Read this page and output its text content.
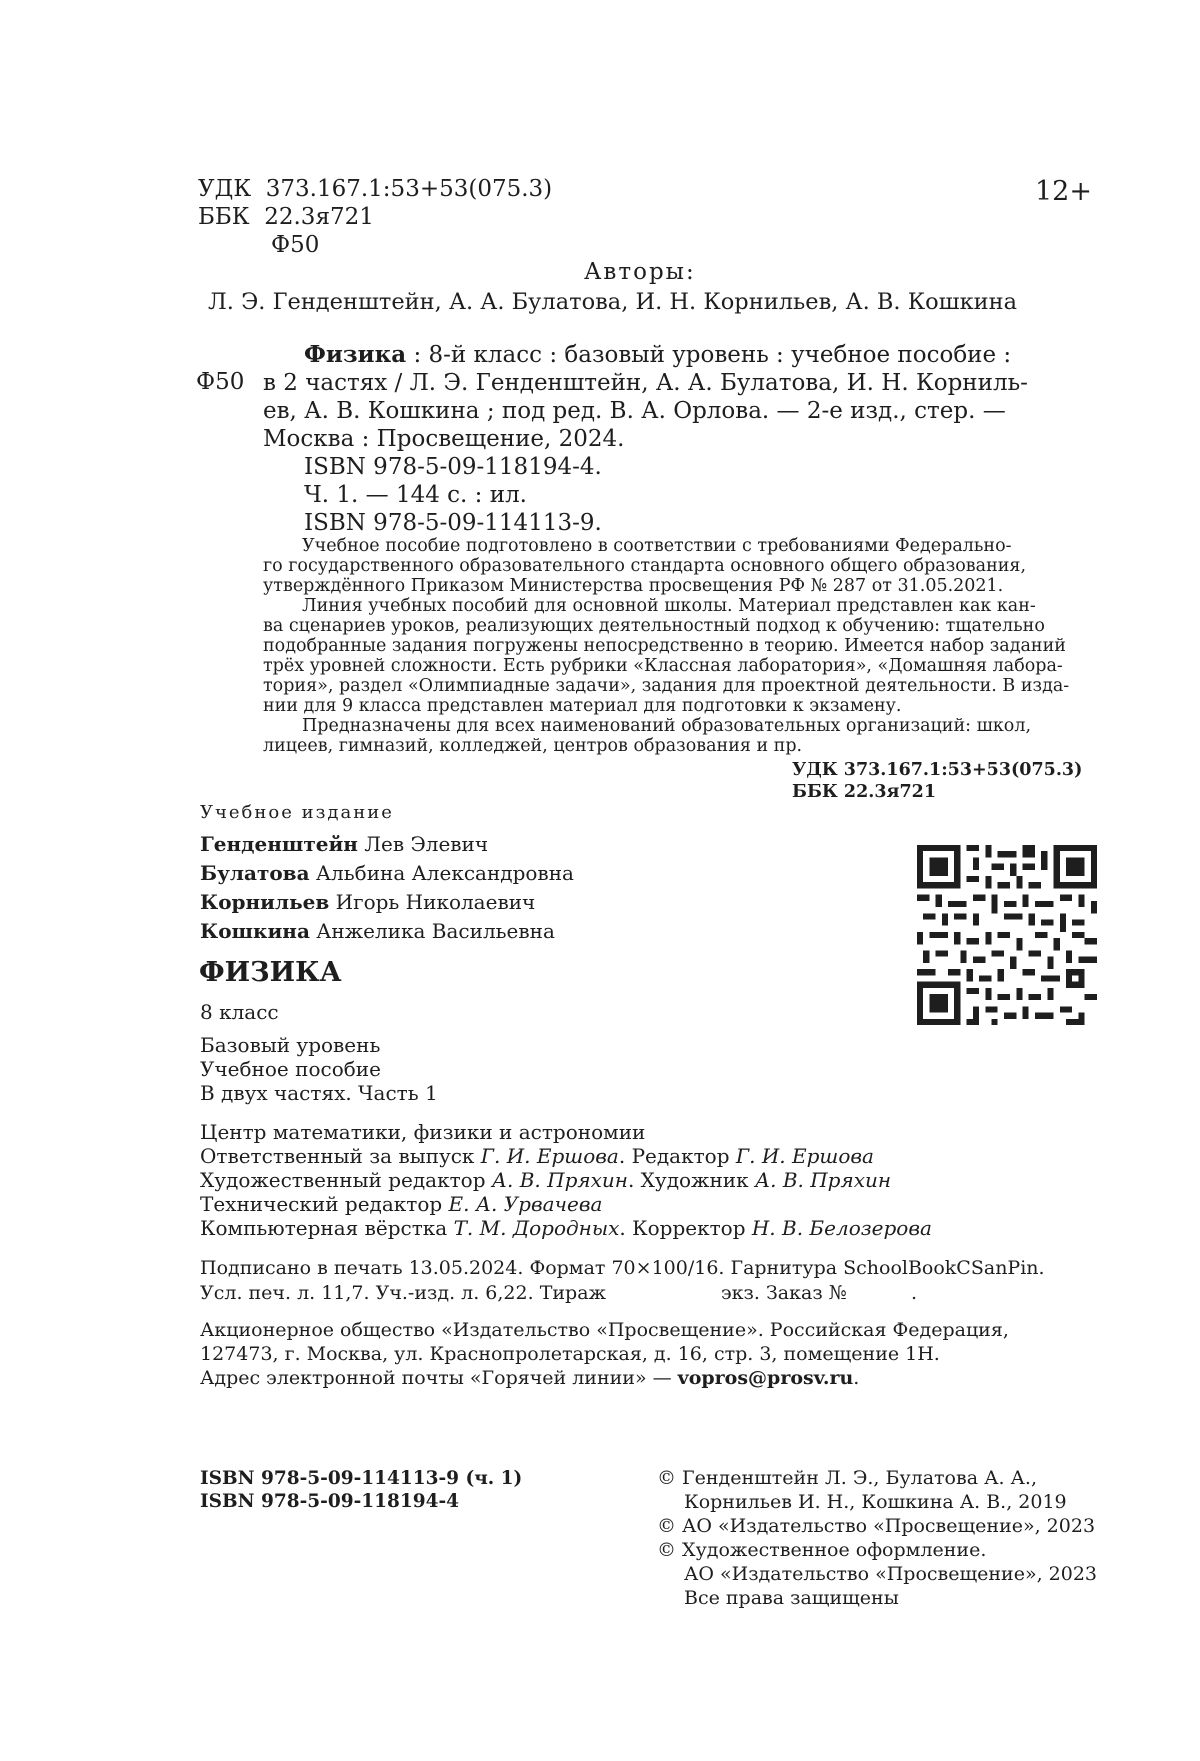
УДК 373.167.1:53+53(075.3)
ББК 22.3я721
Ф50
12+
Авторы:
Л. Э. Генденштейн, А. А. Булатова, И. Н. Корнильев, А. В. Кошкина
Ф50
Физика : 8-й класс : базовый уровень : учебное пособие :
в 2 частях / Л. Э. Генденштейн, А. А. Булатова, И. Н. Корниль-
ев, А. В. Кошкина ; под ред. В. А. Орлова. — 2-е изд., стер. —
Москва : Просвещение, 2024.
ISBN 978-5-09-118194-4.
Ч. 1. — 144 с. : ил.
ISBN 978-5-09-114113-9.
Учебное пособие подготовлено в соответствии с требованиями Федерально-
го государственного образовательного стандарта основного общего образования,
утверждённого Приказом Министерства просвещения РФ № 287 от 31.05.2021.
Линия учебных пособий для основной школы. Материал представлен как кан-
ва сценариев уроков, реализующих деятельностный подход к обучению: тщательно
подобранные задания погружены непосредственно в теорию. Имеется набор заданий
трёх уровней сложности. Есть рубрики «Классная лаборатория», «Домашняя лабора-
тория», раздел «Олимпиадные задачи», задания для проектной деятельности. В изда-
нии для 9 класса представлен материал для подготовки к экзамену.
Предназначены для всех наименований образовательных организаций: школ,
лицеев, гимназий, колледжей, центров образования и пр.
УДК 373.167.1:53+53(075.3)
ББК 22.3я721
Учебное издание
Генденштейн Лев Элевич
Булатова Альбина Александровна
Корнильев Игорь Николаевич
Кошкина Анжелика Васильевна
ФИЗИКА
8 класс
Базовый уровень
Учебное пособие
В двух частях. Часть 1
Центр математики, физики и астрономии
Ответственный за выпуск Г. И. Ершова. Редактор Г. И. Ершова
Художественный редактор А. В. Пряхин. Художник А. В. Пряхин
Технический редактор Е. А. Урвачева
Компьютерная вёрстка Т. М. Дородных. Корректор Н. В. Белозерова
Подписано в печать 13.05.2024. Формат 70×100/16. Гарнитура SchoolBookCSanPin.
Усл. печ. л. 11,7. Уч.-изд. л. 6,22. Тираж	экз. Заказ №	.
Акционерное общество «Издательство «Просвещение». Российская Федерация,
127473, г. Москва, ул. Краснопролетарская, д. 16, стр. 3, помещение 1Н.
Адрес электронной почты «Горячей линии» — vopros@prosv.ru.
ISBN 978-5-09-114113-9 (ч. 1)
ISBN 978-5-09-118194-4
© Генденштейн Л. Э., Булатова А. А.,
Корнильев И. Н., Кошкина А. В., 2019
© АО «Издательство «Просвещение», 2023
© Художественное оформление.
АО «Издательство «Просвещение», 2023
Все права защищены
